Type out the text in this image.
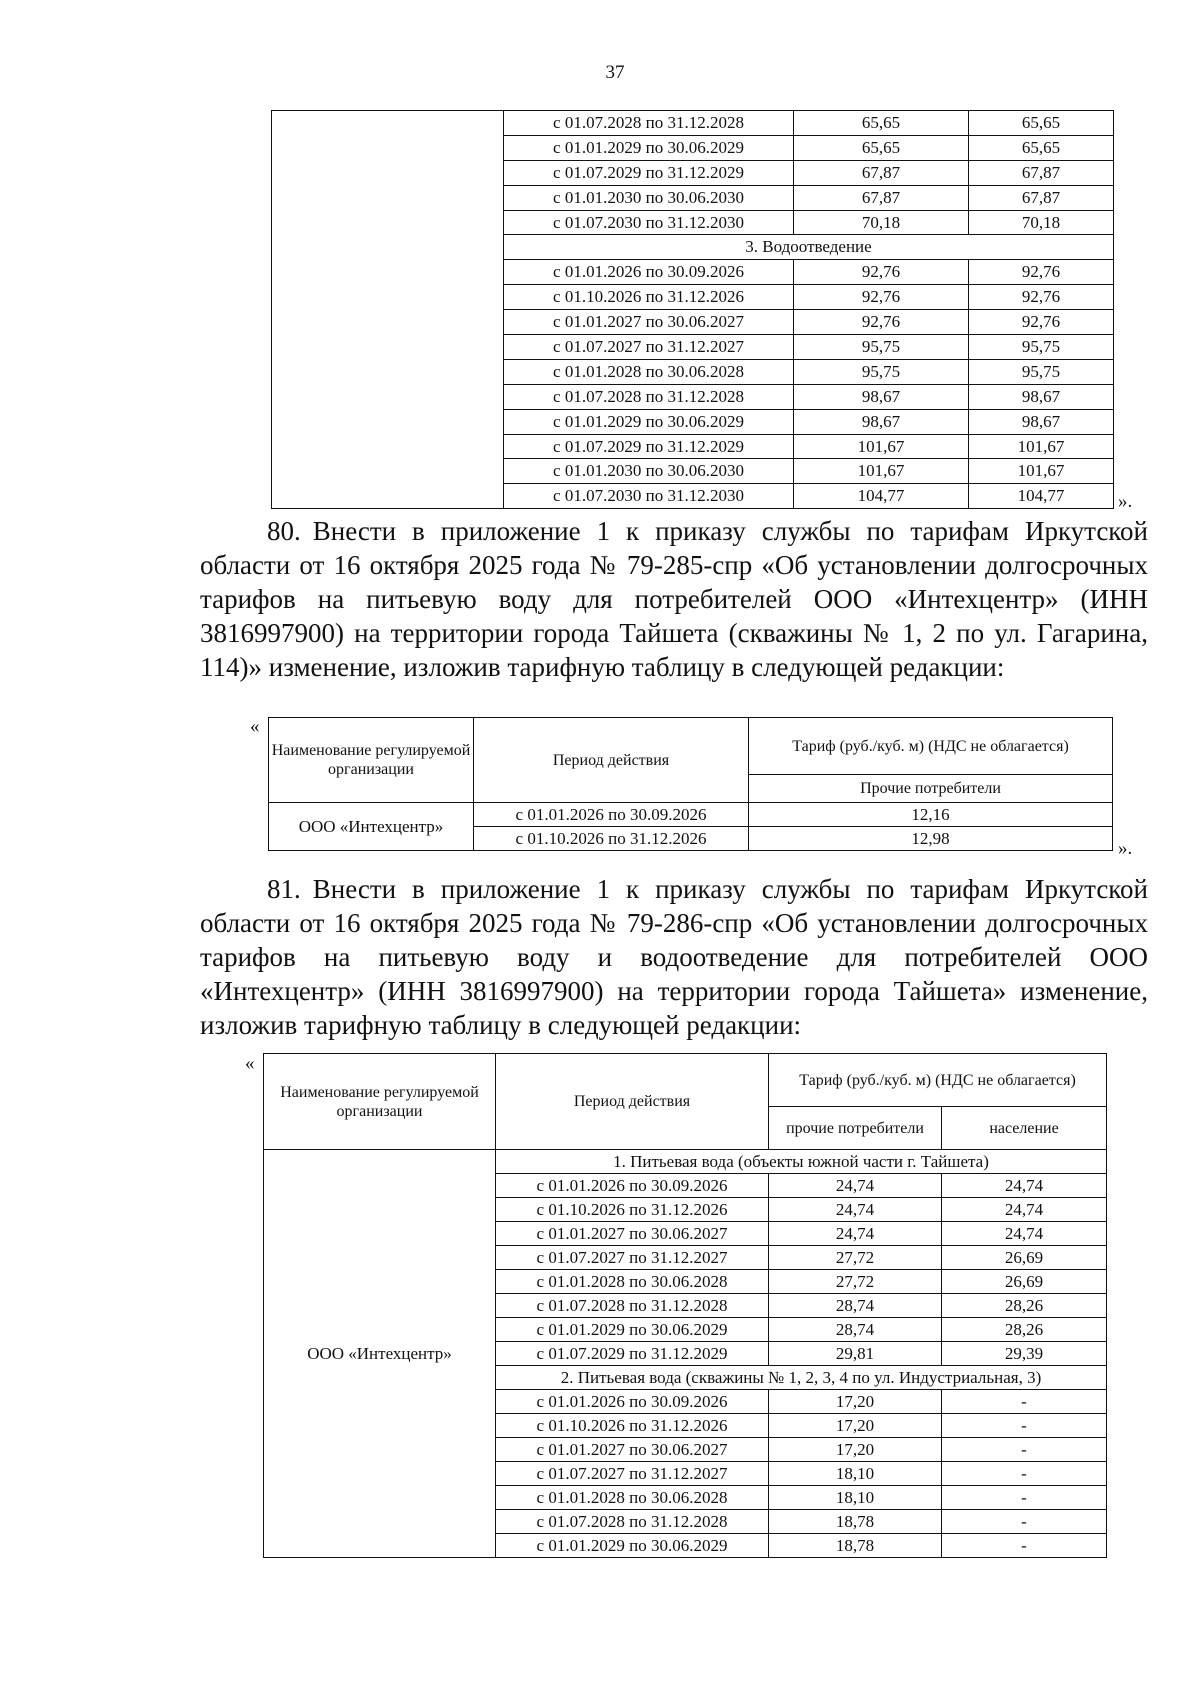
37
	с 01.07.2028 по 31.12.2028	65,65	65,65
	с 01.01.2029 по 30.06.2029	65,65	65,65
	с 01.07.2029 по 31.12.2029	67,87	67,87
	с 01.01.2030 по 30.06.2030	67,87	67,87
	с 01.07.2030 по 31.12.2030	70,18	70,18
	3. Водоотведение		
	с 01.01.2026 по 30.09.2026	92,76	92,76
	с 01.10.2026 по 31.12.2026	92,76	92,76
	с 01.01.2027 по 30.06.2027	92,76	92,76
	с 01.07.2027 по 31.12.2027	95,75	95,75
	с 01.01.2028 по 30.06.2028	95,75	95,75
	с 01.07.2028 по 31.12.2028	98,67	98,67
	с 01.01.2029 по 30.06.2029	98,67	98,67
	с 01.07.2029 по 31.12.2029	101,67	101,67
	с 01.01.2030 по 30.06.2030	101,67	101,67
	с 01.07.2030 по 31.12.2030	104,77	104,77	».
80. Внести в приложение 1 к приказу службы по тарифам Иркутской области от 16 октября 2025 года № 79-285-спр «Об установлении долгосрочных тарифов на питьевую воду для потребителей ООО «Интехцентр» (ИНН 3816997900) на территории города Тайшета (скважины № 1, 2 по ул. Гагарина, 114)» изменение, изложив тарифную таблицу в следующей редакции:
«
Наименование регулируемой организации	Период действия	Тариф (руб./куб. м) (НДС не облагается)
		Прочие потребители
ООО «Интехцентр»	с 01.01.2026 по 30.09.2026	12,16
	с 01.10.2026 по 31.12.2026	12,98	».
81. Внести в приложение 1 к приказу службы по тарифам Иркутской области от 16 октября 2025 года № 79-286-спр «Об установлении долгосрочных тарифов на питьевую воду и водоотведение для потребителей ООО «Интехцентр» (ИНН 3816997900) на территории города Тайшета» изменение, изложив тарифную таблицу в следующей редакции:
«
Наименование регулируемой организации	Период действия	Тариф (руб./куб. м) (НДС не облагается)	
		прочие потребители	население
ООО «Интехцентр»	1. Питьевая вода (объекты южной части г. Тайшета)		
	с 01.01.2026 по 30.09.2026	24,74	24,74
	с 01.10.2026 по 31.12.2026	24,74	24,74
	с 01.01.2027 по 30.06.2027	24,74	24,74
	с 01.07.2027 по 31.12.2027	27,72	26,69
	с 01.01.2028 по 30.06.2028	27,72	26,69
	с 01.07.2028 по 31.12.2028	28,74	28,26
	с 01.01.2029 по 30.06.2029	28,74	28,26
	с 01.07.2029 по 31.12.2029	29,81	29,39
	2. Питьевая вода (скважины № 1, 2, 3, 4 по ул. Индустриальная, 3)		
	с 01.01.2026 по 30.09.2026	17,20	-
	с 01.10.2026 по 31.12.2026	17,20	-
	с 01.01.2027 по 30.06.2027	17,20	-
	с 01.07.2027 по 31.12.2027	18,10	-
	с 01.01.2028 по 30.06.2028	18,10	-
	с 01.07.2028 по 31.12.2028	18,78	-
	с 01.01.2029 по 30.06.2029	18,78	-
